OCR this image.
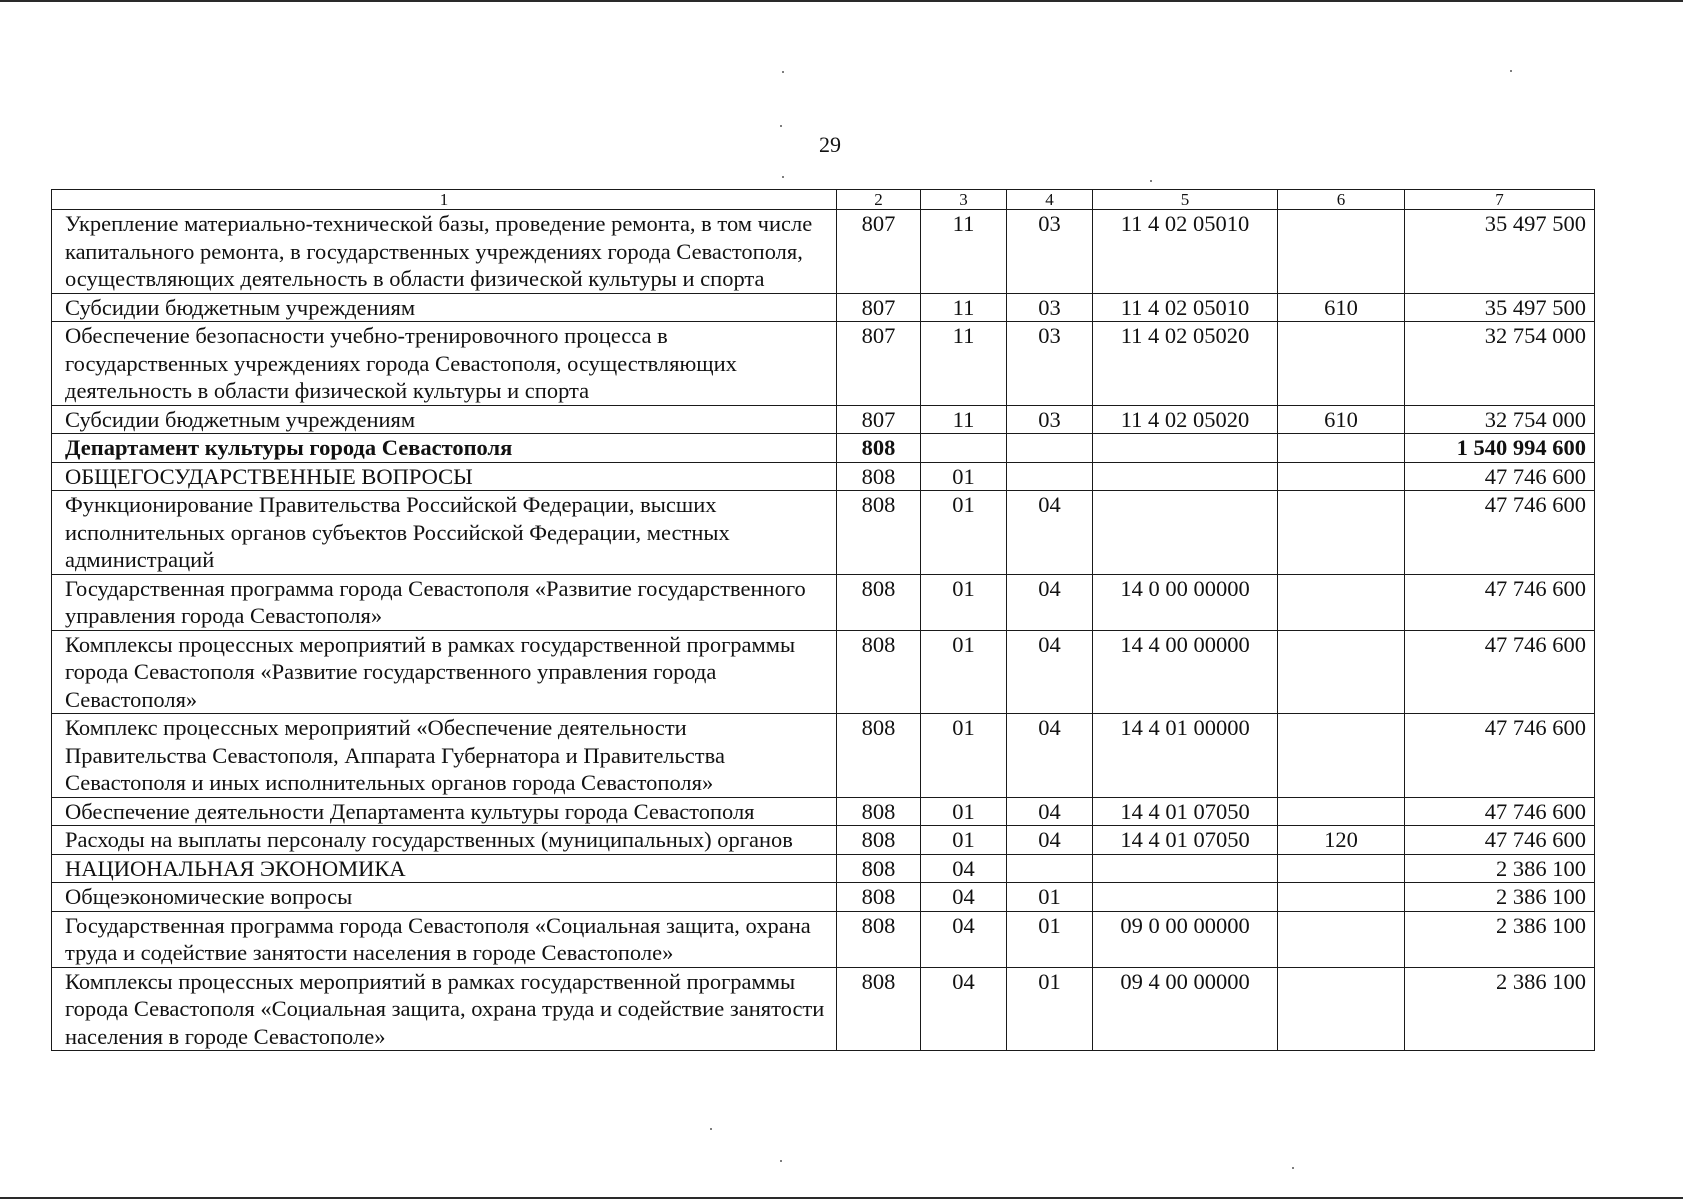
29
1	2	3	4	5	6	7
Укрепление материально-технической базы, проведение ремонта, в том числе капитального ремонта, в государственных учреждениях города Севастополя, осуществляющих деятельность в области физической культуры и спорта	807	11	03	11 4 02 05010		35 497 500
Субсидии бюджетным учреждениям	807	11	03	11 4 02 05010	610	35 497 500
Обеспечение безопасности учебно-тренировочного процесса в государственных учреждениях города Севастополя, осуществляющих деятельность в области физической культуры и спорта	807	11	03	11 4 02 05020		32 754 000
Субсидии бюджетным учреждениям	807	11	03	11 4 02 05020	610	32 754 000
Департамент культуры города Севастополя	808					1 540 994 600
ОБЩЕГОСУДАРСТВЕННЫЕ ВОПРОСЫ	808	01				47 746 600
Функционирование Правительства Российской Федерации, высших исполнительных органов субъектов Российской Федерации, местных администраций	808	01	04			47 746 600
Государственная программа города Севастополя «Развитие государственного управления города Севастополя»	808	01	04	14 0 00 00000		47 746 600
Комплексы процессных мероприятий в рамках государственной программы города Севастополя «Развитие государственного управления города Севастополя»	808	01	04	14 4 00 00000		47 746 600
Комплекс процессных мероприятий «Обеспечение деятельности Правительства Севастополя, Аппарата Губернатора и Правительства Севастополя и иных исполнительных органов города Севастополя»	808	01	04	14 4 01 00000		47 746 600
Обеспечение деятельности Департамента культуры города Севастополя	808	01	04	14 4 01 07050		47 746 600
Расходы на выплаты персоналу государственных (муниципальных) органов	808	01	04	14 4 01 07050	120	47 746 600
НАЦИОНАЛЬНАЯ ЭКОНОМИКА	808	04				2 386 100
Общеэкономические вопросы	808	04	01			2 386 100
Государственная программа города Севастополя «Социальная защита, охрана труда и содействие занятости населения в городе Севастополе»	808	04	01	09 0 00 00000		2 386 100
Комплексы процессных мероприятий в рамках государственной программы города Севастополя «Социальная защита, охрана труда и содействие занятости населения в городе Севастополе»	808	04	01	09 4 00 00000		2 386 100
